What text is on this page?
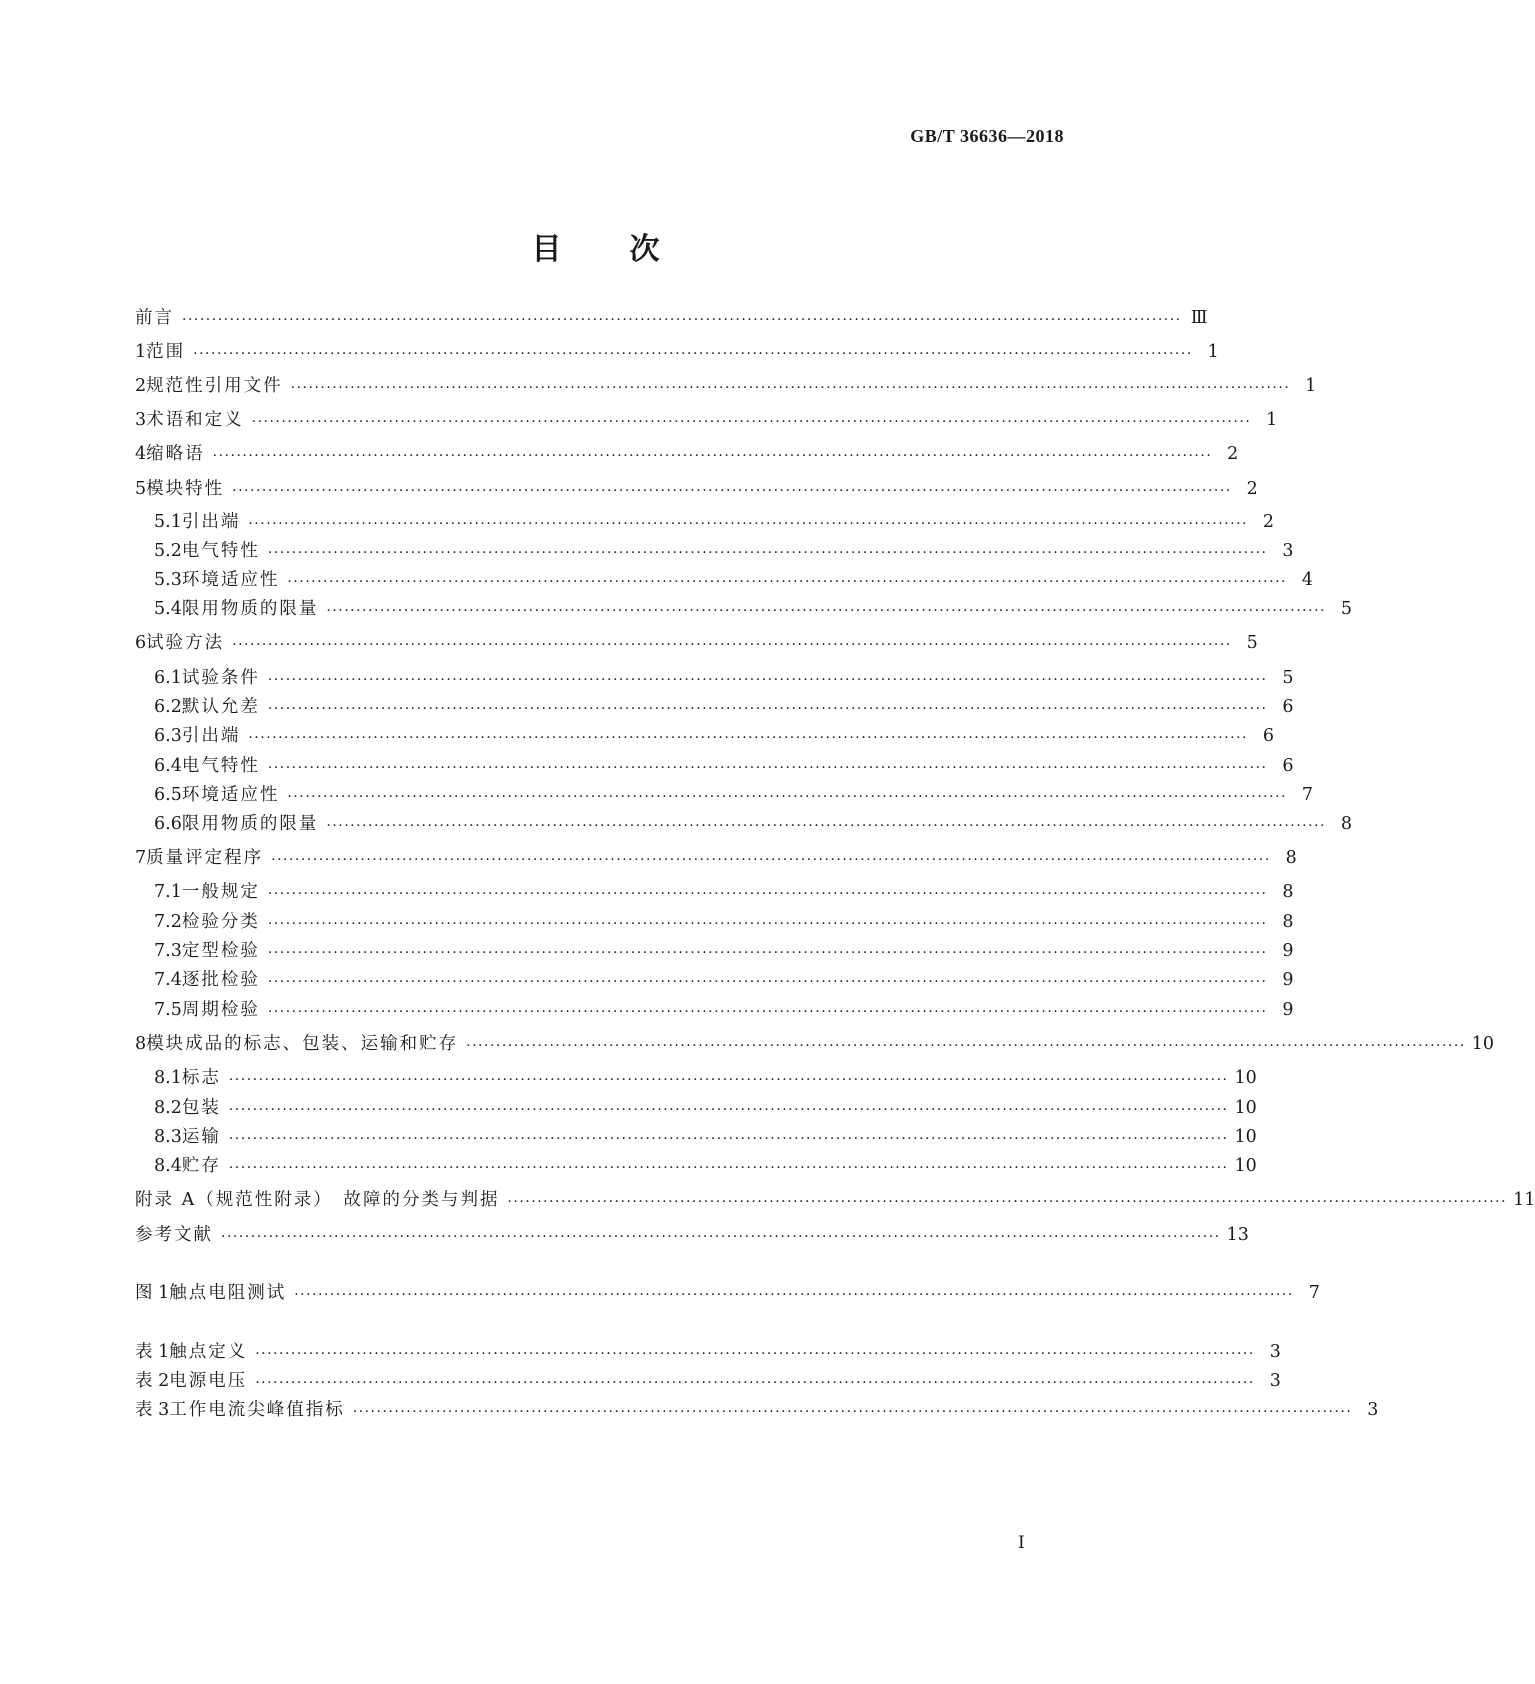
GB/T 36636—2018
目 次
前言 ········································································································································································ Ⅲ
1 范围 ········································································································································································ 1
2 规范性引用文件 ········································································································································································ 1
3 术语和定义 ········································································································································································ 1
4 缩略语 ········································································································································································ 2
5 模块特性 ········································································································································································ 2
5.1 引出端 ········································································································································································ 2
5.2 电气特性 ········································································································································································ 3
5.3 环境适应性 ········································································································································································ 4
5.4 限用物质的限量 ········································································································································································ 5
6 试验方法 ········································································································································································ 5
6.1 试验条件 ········································································································································································ 5
6.2 默认允差 ········································································································································································ 6
6.3 引出端 ········································································································································································ 6
6.4 电气特性 ········································································································································································ 6
6.5 环境适应性 ········································································································································································ 7
6.6 限用物质的限量 ········································································································································································ 8
7 质量评定程序 ········································································································································································ 8
7.1 一般规定 ········································································································································································ 8
7.2 检验分类 ········································································································································································ 8
7.3 定型检验 ········································································································································································ 9
7.4 逐批检验 ········································································································································································ 9
7.5 周期检验 ········································································································································································ 9
8 模块成品的标志、包装、运输和贮存 ········································································································································································ 10
8.1 标志 ········································································································································································ 10
8.2 包装 ········································································································································································ 10
8.3 运输 ········································································································································································ 10
8.4 贮存 ········································································································································································ 10
附录 A（规范性附录）　故障的分类与判据 ········································································································································································ 11
参考文献 ········································································································································································ 13
图 1 触点电阻测试 ········································································································································································ 7
表 1 触点定义 ········································································································································································ 3
表 2 电源电压 ········································································································································································ 3
表 3 工作电流尖峰值指标 ········································································································································································ 3
I
